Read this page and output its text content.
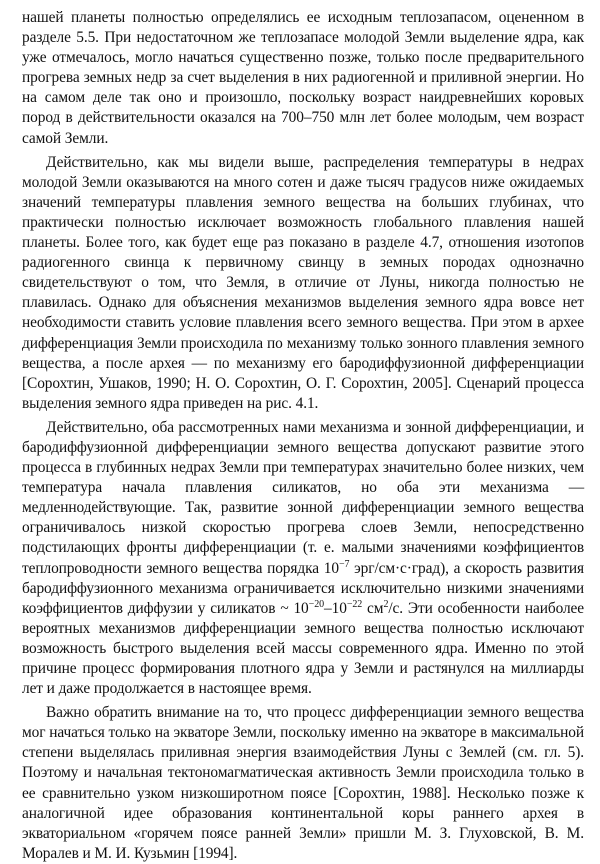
нашей планеты полностью определялись ее исходным теплозапасом, оцененном в разделе 5.5. При недостаточном же теплозапасе молодой Земли выделение ядра, как уже отмечалось, могло начаться существенно позже, только после предварительного прогрева земных недр за счет выделения в них радиогенной и приливной энергии. Но на самом деле так оно и произошло, поскольку возраст наидревнейших коровых пород в действительности оказался на 700–750 млн лет более молодым, чем возраст самой Земли.

Действительно, как мы видели выше, распределения температуры в недрах молодой Земли оказываются на много сотен и даже тысяч градусов ниже ожидаемых значений температуры плавления земного вещества на больших глубинах, что практически полностью исключает возможность глобального плавления нашей планеты. Более того, как будет еще раз показано в разделе 4.7, отношения изотопов радиогенного свинца к первичному свинцу в земных породах однозначно свидетельствуют о том, что Земля, в отличие от Луны, никогда полностью не плавилась. Однако для объяснения механизмов выделения земного ядра вовсе нет необходимости ставить условие плавления всего земного вещества. При этом в архее дифференциация Земли происходила по механизму только зонного плавления земного вещества, а после архея — по механизму его бародиффузионной дифференциации [Сорохтин, Ушаков, 1990; Н. О. Сорохтин, О. Г. Сорохтин, 2005]. Сценарий процесса выделения земного ядра приведен на рис. 4.1.

Действительно, оба рассмотренных нами механизма и зонной дифференциации, и бародиффузионной дифференциации земного вещества допускают развитие этого процесса в глубинных недрах Земли при температурах значительно более низких, чем температура начала плавления силикатов, но оба эти механизма — медленнодействующие. Так, развитие зонной дифференциации земного вещества ограничивалось низкой скоростью прогрева слоев Земли, непосредственно подстилающих фронты дифференциации (т. е. малыми значениями коэффициентов теплопроводности земного вещества порядка $10^{-7}$ эрг/см·с·град), а скорость развития бародиффузионного механизма ограничивается исключительно низкими значениями коэффициентов диффузии у силикатов ~ $10^{-20}-10^{-22}$ $см^2/с$. Эти особенности наиболее вероятных механизмов дифференциации земного вещества полностью исключают возможность быстрого выделения всей массы современного ядра. Именно по этой причине процесс формирования плотного ядра у Земли и растянулся на миллиарды лет и даже продолжается в настоящее время.

Важно обратить внимание на то, что процесс дифференциации земного вещества мог начаться только на экваторе Земли, поскольку именно на экваторе в максимальной степени выделялась приливная энергия взаимодействия Луны с Землей (см. гл. 5). Поэтому и начальная тектономагматическая активность Земли происходила только в ее сравнительно узком низкоширотном поясе [Сорохтин, 1988]. Несколько позже к аналогичной идее образования континентальной коры раннего архея в экваториальном «горячем поясе ранней Земли» пришли М. З. Глуховской, В. М. Моралев и М. И. Кузьмин [1994].
